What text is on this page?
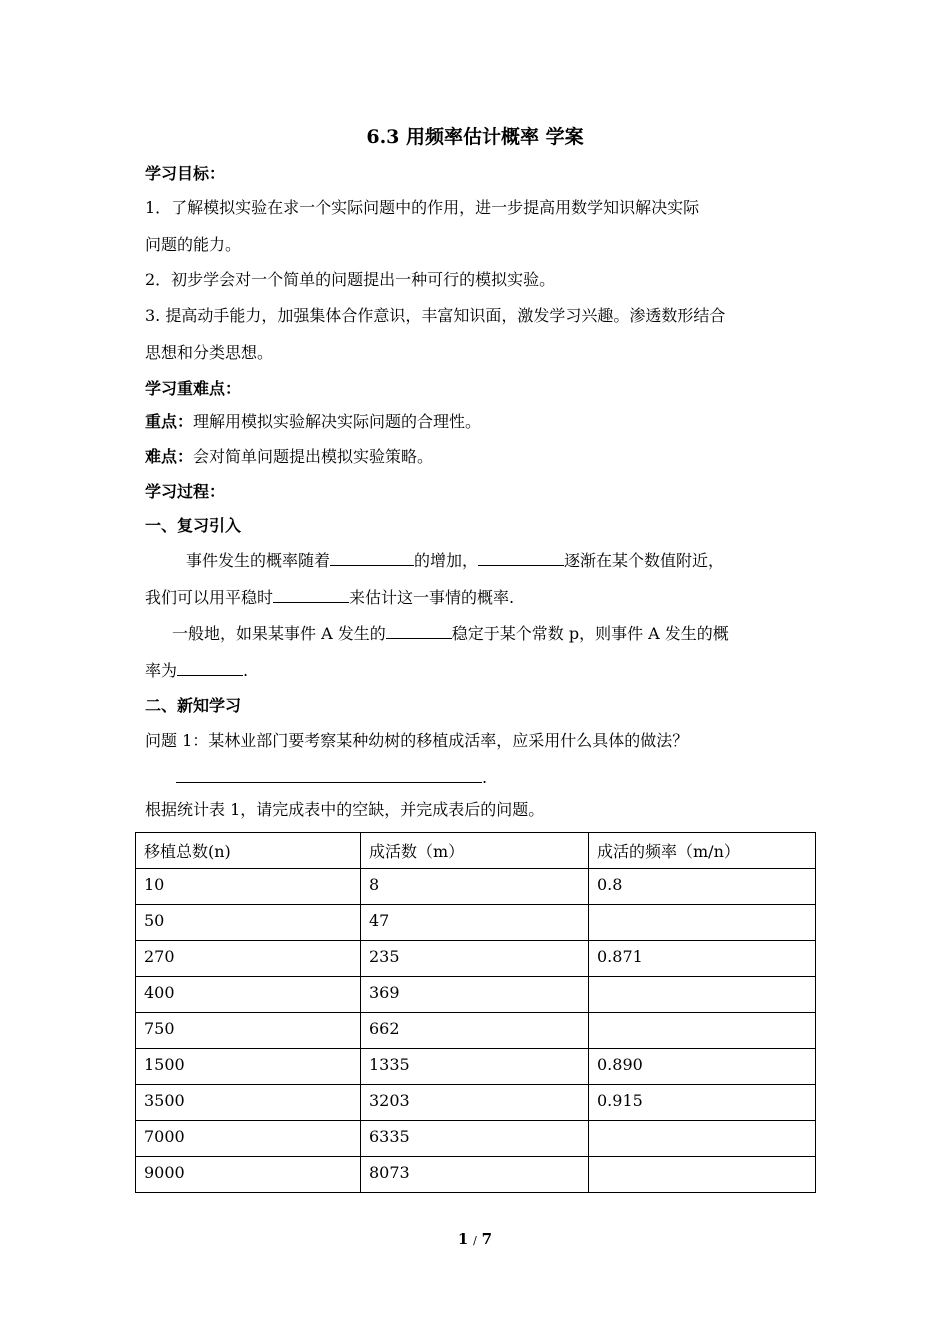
6.3 用频率估计概率 学案
学习目标：
1．了解模拟实验在求一个实际问题中的作用，进一步提高用数学知识解决实际
问题的能力。
2．初步学会对一个简单的问题提出一种可行的模拟实验。
3. 提高动手能力，加强集体合作意识，丰富知识面，激发学习兴趣。渗透数形结合
思想和分类思想。
学习重难点：
重点：理解用模拟实验解决实际问题的合理性。
难点：会对简单问题提出模拟实验策略。
学习过程：
一、复习引入
事件发生的概率随着	的增加，	逐渐在某个数值附近，
我们可以用平稳时	来估计这一事情的概率.
一般地，如果某事件 A 发生的	稳定于某个常数 p，则事件 A 发生的概
率为	.
二、新知学习
问题 1：某林业部门要考察某种幼树的移植成活率，应采用什么具体的做法？
.
根据统计表 1，请完成表中的空缺，并完成表后的问题。
移植总数(n)	成活数（m）	成活的频率（m/n）
10	8	0.8
50	47	
270	235	0.871
400	369	
750	662	
1500	1335	0.890
3500	3203	0.915
7000	6335	
9000	8073	
1 / 7
